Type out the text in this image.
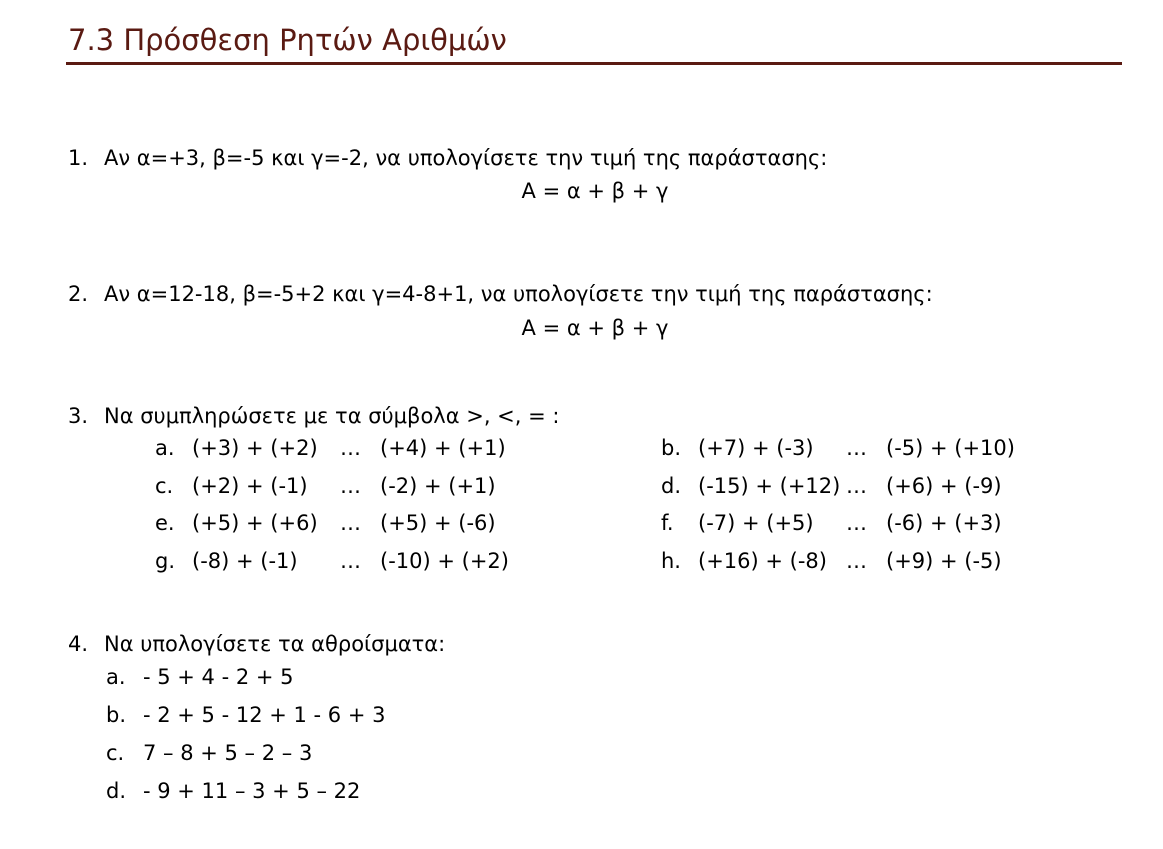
7.3 Πρόσθεση Ρητών Αριθμών
1. Αν α=+3, β=-5 και γ=-2, να υπολογίσετε την τιμή της παράστασης:
Α = α + β + γ
2. Αν α=12-18, β=-5+2 και γ=4-8+1, να υπολογίσετε την τιμή της παράστασης:
Α = α + β + γ
3. Να συμπληρώσετε με τα σύμβολα >, <, = :
a. (+3) + (+2) … (+4) + (+1)	b. (+7) + (-3) … (-5) + (+10)
c. (+2) + (-1) … (-2) + (+1)	d. (-15) + (+12) … (+6) + (-9)
e. (+5) + (+6) … (+5) + (-6)	f. (-7) + (+5) … (-6) + (+3)
g. (-8) + (-1) … (-10) + (+2)	h. (+16) + (-8) … (+9) + (-5)
4. Να υπολογίσετε τα αθροίσματα:
a. - 5 + 4 - 2 + 5
b. - 2 + 5 - 12 + 1 - 6 + 3
c. 7 – 8 + 5 – 2 – 3
d. - 9 + 11 – 3 + 5 – 22
